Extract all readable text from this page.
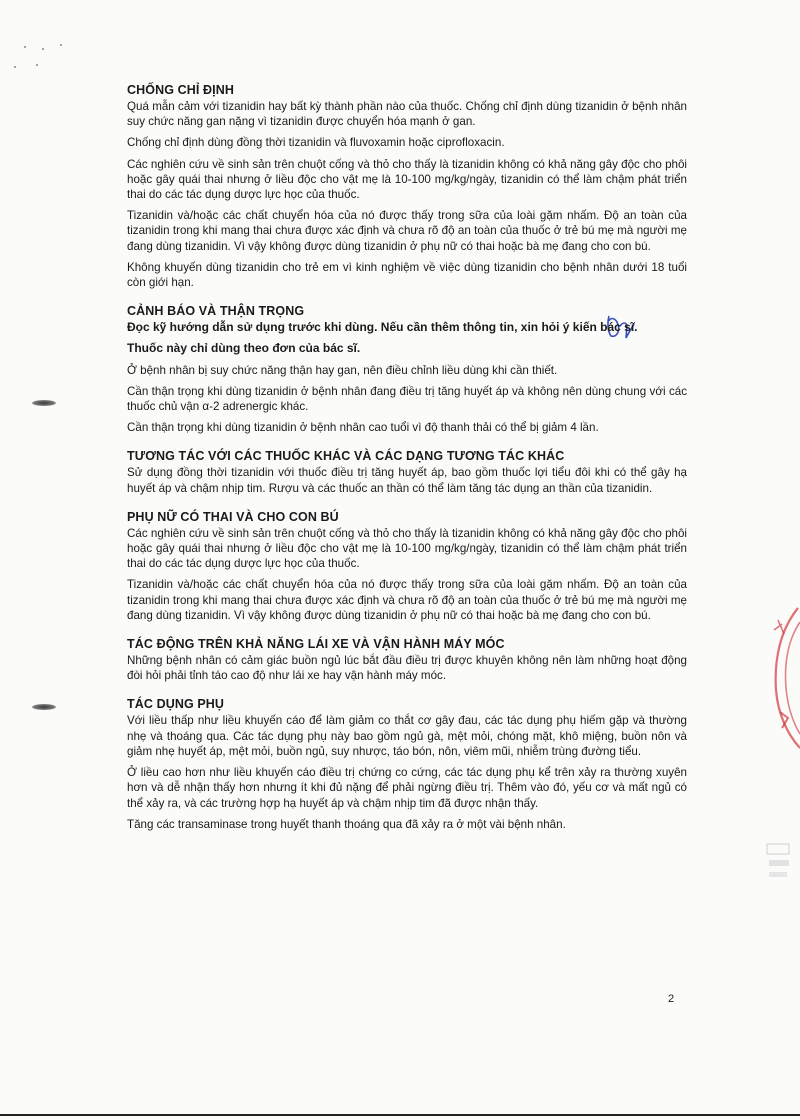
CHỐNG CHỈ ĐỊNH

Quá mẫn cảm với tizanidin hay bất kỳ thành phần nào của thuốc. Chống chỉ định dùng tizanidin ở bệnh nhân suy chức năng gan nặng vì tizanidin được chuyển hóa mạnh ở gan.

Chống chỉ định dùng đồng thời tizanidin và fluvoxamin hoặc ciprofloxacin.

Các nghiên cứu về sinh sản trên chuột cống và thỏ cho thấy là tizanidin không có khả năng gây độc cho phôi hoặc gây quái thai nhưng ở liều độc cho vật mẹ là 10-100 mg/kg/ngày, tizanidin có thể làm chậm phát triển thai do các tác dụng dược lực học của thuốc.

Tizanidin và/hoặc các chất chuyển hóa của nó được thấy trong sữa của loài gặm nhấm. Độ an toàn của tizanidin trong khi mang thai chưa được xác định và chưa rõ độ an toàn của thuốc ở trẻ bú mẹ mà người mẹ đang dùng tizanidin. Vì vậy không được dùng tizanidin ở phụ nữ có thai hoặc bà mẹ đang cho con bú.

Không khuyến dùng tizanidin cho trẻ em vì kinh nghiệm về việc dùng tizanidin cho bệnh nhân dưới 18 tuổi còn giới hạn.

CẢNH BÁO VÀ THẬN TRỌNG

Đọc kỹ hướng dẫn sử dụng trước khi dùng. Nếu cần thêm thông tin, xin hỏi ý kiến bác sĩ.

Thuốc này chỉ dùng theo đơn của bác sĩ.

Ở bệnh nhân bị suy chức năng thận hay gan, nên điều chỉnh liều dùng khi cần thiết.

Cần thận trọng khi dùng tizanidin ở bệnh nhân đang điều trị tăng huyết áp và không nên dùng chung với các thuốc chủ vận α-2 adrenergic khác.

Cần thận trọng khi dùng tizanidin ở bệnh nhân cao tuổi vì độ thanh thải có thể bị giảm 4 lần.

TƯƠNG TÁC VỚI CÁC THUỐC KHÁC VÀ CÁC DẠNG TƯƠNG TÁC KHÁC

Sử dụng đồng thời tizanidin với thuốc điều trị tăng huyết áp, bao gồm thuốc lợi tiểu đôi khi có thể gây hạ huyết áp và chậm nhịp tim. Rượu và các thuốc an thần có thể làm tăng tác dụng an thần của tizanidin.

PHỤ NỮ CÓ THAI VÀ CHO CON BÚ

Các nghiên cứu về sinh sản trên chuột cống và thỏ cho thấy là tizanidin không có khả năng gây độc cho phôi hoặc gây quái thai nhưng ở liều độc cho vật mẹ là 10-100 mg/kg/ngày, tizanidin có thể làm chậm phát triển thai do các tác dụng dược lực học của thuốc.

Tizanidin và/hoặc các chất chuyển hóa của nó được thấy trong sữa của loài gặm nhấm. Độ an toàn của tizanidin trong khi mang thai chưa được xác định và chưa rõ độ an toàn của thuốc ở trẻ bú mẹ mà người mẹ đang dùng tizanidin. Vì vậy không được dùng tizanidin ở phụ nữ có thai hoặc bà mẹ đang cho con bú.

TÁC ĐỘNG TRÊN KHẢ NĂNG LÁI XE VÀ VẬN HÀNH MÁY MÓC

Những bệnh nhân có cảm giác buồn ngủ lúc bắt đầu điều trị được khuyên không nên làm những hoạt động đòi hỏi phải tỉnh táo cao độ như lái xe hay vận hành máy móc.

TÁC DỤNG PHỤ

Với liều thấp như liều khuyến cáo để làm giảm co thắt cơ gây đau, các tác dụng phụ hiếm gặp và thường nhẹ và thoáng qua. Các tác dụng phụ này bao gồm ngủ gà, mệt mỏi, chóng mặt, khô miệng, buồn nôn và giảm nhẹ huyết áp, mệt mỏi, buồn ngủ, suy nhược, táo bón, nôn, viêm mũi, nhiễm trùng đường tiểu.

Ở liều cao hơn như liều khuyến cáo điều trị chứng co cứng, các tác dụng phụ kể trên xảy ra thường xuyên hơn và dễ nhận thấy hơn nhưng ít khi đủ nặng để phải ngừng điều trị. Thêm vào đó, yếu cơ và mất ngủ có thể xảy ra, và các trường hợp hạ huyết áp và chậm nhịp tim đã được nhận thấy.

Tăng các transaminase trong huyết thanh thoáng qua đã xảy ra ở một vài bệnh nhân.

2
